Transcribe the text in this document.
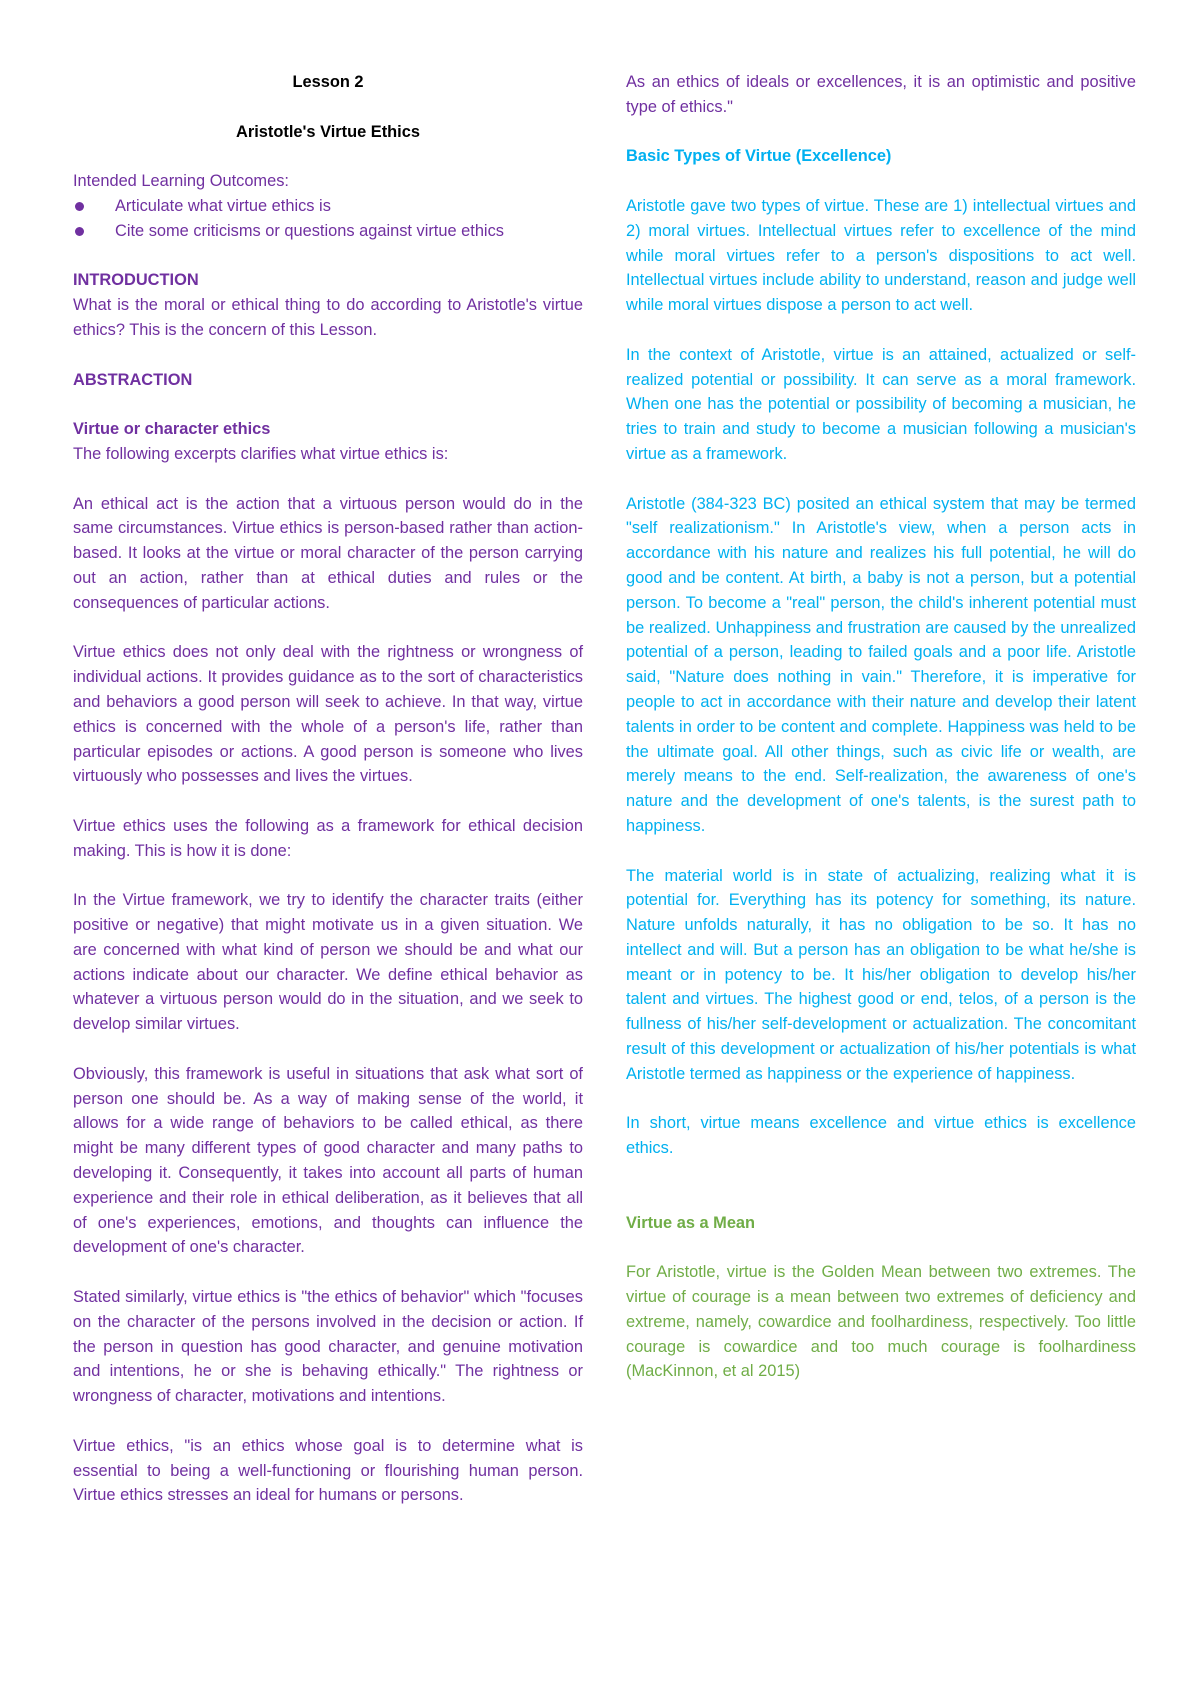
Lesson 2

Aristotle's Virtue Ethics

Intended Learning Outcomes:

Articulate what virtue ethics is
Cite some criticisms or questions against virtue ethics

INTRODUCTION

What is the moral or ethical thing to do according to Aristotle's virtue ethics? This is the concern of this Lesson.

ABSTRACTION

Virtue or character ethics

The following excerpts clarifies what virtue ethics is:

An ethical act is the action that a virtuous person would do in the same circumstances. Virtue ethics is person-based rather than action-based. It looks at the virtue or moral character of the person carrying out an action, rather than at ethical duties and rules or the consequences of particular actions.

Virtue ethics does not only deal with the rightness or wrongness of individual actions. It provides guidance as to the sort of characteristics and behaviors a good person will seek to achieve. In that way, virtue ethics is concerned with the whole of a person's life, rather than particular episodes or actions. A good person is someone who lives virtuously who possesses and lives the virtues.

Virtue ethics uses the following as a framework for ethical decision making. This is how it is done:

In the Virtue framework, we try to identify the character traits (either positive or negative) that might motivate us in a given situation. We are concerned with what kind of person we should be and what our actions indicate about our character. We define ethical behavior as whatever a virtuous person would do in the situation, and we seek to develop similar virtues.

Obviously, this framework is useful in situations that ask what sort of person one should be. As a way of making sense of the world, it allows for a wide range of behaviors to be called ethical, as there might be many different types of good character and many paths to developing it. Consequently, it takes into account all parts of human experience and their role in ethical deliberation, as it believes that all of one's experiences, emotions, and thoughts can influence the development of one's character.

Stated similarly, virtue ethics is "the ethics of behavior" which "focuses on the character of the persons involved in the decision or action. If the person in question has good character, and genuine motivation and intentions, he or she is behaving ethically." The rightness or wrongness of character, motivations and intentions.

Virtue ethics, "is an ethics whose goal is to determine what is essential to being a well-functioning or flourishing human person. Virtue ethics stresses an ideal for humans or persons.

As an ethics of ideals or excellences, it is an optimistic and positive type of ethics."

Basic Types of Virtue (Excellence)

Aristotle gave two types of virtue. These are 1) intellectual virtues and 2) moral virtues. Intellectual virtues refer to excellence of the mind while moral virtues refer to a person's dispositions to act well. Intellectual virtues include ability to understand, reason and judge well while moral virtues dispose a person to act well.

In the context of Aristotle, virtue is an attained, actualized or self-realized potential or possibility. It can serve as a moral framework. When one has the potential or possibility of becoming a musician, he tries to train and study to become a musician following a musician's virtue as a framework.

Aristotle (384-323 BC) posited an ethical system that may be termed "self realizationism." In Aristotle's view, when a person acts in accordance with his nature and realizes his full potential, he will do good and be content. At birth, a baby is not a person, but a potential person. To become a "real" person, the child's inherent potential must be realized. Unhappiness and frustration are caused by the unrealized potential of a person, leading to failed goals and a poor life. Aristotle said, "Nature does nothing in vain." Therefore, it is imperative for people to act in accordance with their nature and develop their latent talents in order to be content and complete. Happiness was held to be the ultimate goal. All other things, such as civic life or wealth, are merely means to the end. Self-realization, the awareness of one's nature and the development of one's talents, is the surest path to happiness.

The material world is in state of actualizing, realizing what it is potential for. Everything has its potency for something, its nature. Nature unfolds naturally, it has no obligation to be so. It has no intellect and will. But a person has an obligation to be what he/she is meant or in potency to be. It his/her obligation to develop his/her talent and virtues. The highest good or end, telos, of a person is the fullness of his/her self-development or actualization. The concomitant result of this development or actualization of his/her potentials is what Aristotle termed as happiness or the experience of happiness.

In short, virtue means excellence and virtue ethics is excellence ethics.

Virtue as a Mean

For Aristotle, virtue is the Golden Mean between two extremes. The virtue of courage is a mean between two extremes of deficiency and extreme, namely, cowardice and foolhardiness, respectively. Too little courage is cowardice and too much courage is foolhardiness (MacKinnon, et al 2015)
